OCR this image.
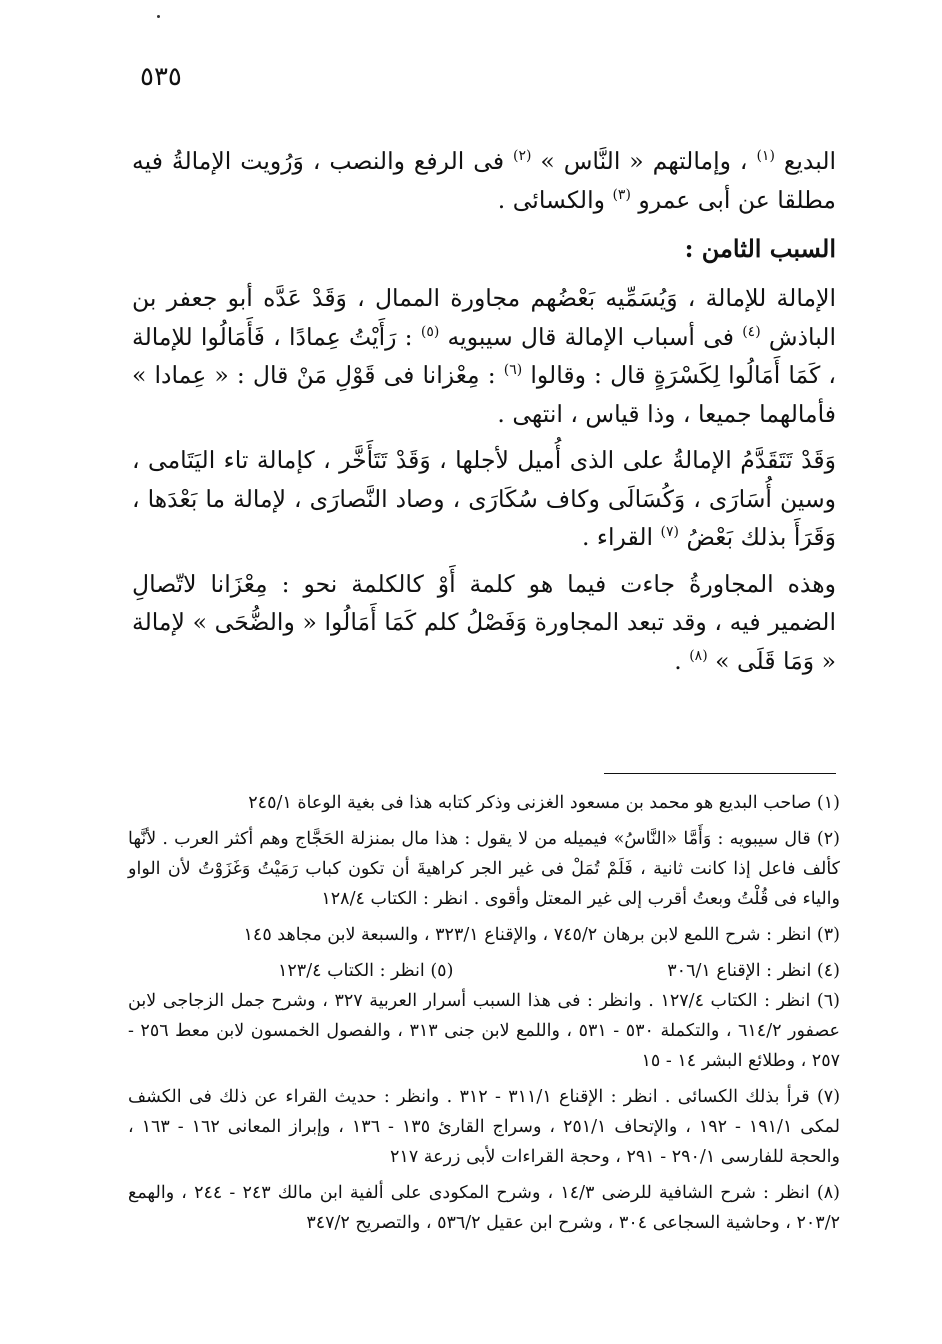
٥٣٥

البديع $^{(١)}$ ، وإمالتهم « النَّاس » $^{(٢)}$ فى الرفع والنصب ، وَرُويت الإمالةُ فيه مطلقا عن أبى عمرو $^{(٣)}$ والكسائى .

السبب الثامن :

الإمالة للإمالة ، وَيُسَمِّيه بَعْضُهم مجاورة الممال ، وَقَدْ عَدَّه أبو جعفر بن الباذش $^{(٤)}$ فى أسباب الإمالة قال سيبويه $^{(٥)}$ : رَأَيْتُ عِمادًا ، فَأَمَالُوا للإمالة ، كَمَا أَمَالُوا لِكَسْرَةٍ قال : وقالوا $^{(٦)}$ : مِعْزانا فى قَوْلِ مَنْ قال : « عِمادا » فأمالهما جميعا ، وذا قياس ، انتهى .

وَقَدْ تَتَقَدَّمُ الإمالةُ على الذى أُميل لأجلها ، وَقَدْ تَتَأَخَّر ، كإمالة تاء اليَتَامى ، وسين أُسَارَى ، وَكُسَالَى وكاف سُكَارَى ، وصاد النَّصارَى ، لإمالة ما بَعْدَها ، وَقَرَأَ بذلك بَعْضُ $^{(٧)}$ القراء .

وهذه المجاورةُ جاءت فيما هو كلمة أَوْ كالكلمة نحو : مِعْزَانا لاتّصالِ الضمير فيه ، وقد تبعد المجاورة وَفَصْلُ كلم كَمَا أَمَالُوا « والضُّحَى » لإمالة « وَمَا قَلَى » $^{(٨)}$ .

(١) صاحب البديع هو محمد بن مسعود الغزنى وذكر كتابه هذا فى بغية الوعاة ٢٤٥/١

(٢) قال سيبويه : وَأَمَّا «النَّاسُ» فيميله من لا يقول : هذا مال بمنزلة الحَجَّاج وهم أكثر العرب . لأنَّها كألف فاعل إذا كانت ثانية ، فَلَمْ تُمَلْ فى غير الجر كراهيةَ أن تكون كباب رَمَيْتُ وَغَزَوْتُ لأن الواو والياء فى قُلْتُ وبعتُ أقرب إلى غير المعتل وأقوى . انظر : الكتاب ١٢٨/٤

(٣) انظر : شرح اللمع لابن برهان ٧٤٥/٢ ، والإقناع ٣٢٣/١ ، والسبعة لابن مجاهد ١٤٥

(٤) انظر : الإقناع ٣٠٦/١

(٥) انظر : الكتاب ١٢٣/٤

(٦) انظر : الكتاب ١٢٧/٤ . وانظر : فى هذا السبب أسرار العربية ٣٢٧ ، وشرح جمل الزجاجى لابن عصفور ٦١٤/٢ ، والتكملة ٥٣٠ - ٥٣١ ، واللمع لابن جنى ٣١٣ ، والفصول الخمسون لابن معط ٢٥٦ - ٢٥٧ ، وطلائع البشر ١٤ - ١٥

(٧) قرأ بذلك الكسائى . انظر : الإقناع ٣١١/١ - ٣١٢ . وانظر : حديث القراء عن ذلك فى الكشف لمكى ١٩١/١ - ١٩٢ ، والإتحاف ٢٥١/١ ، وسراج القارئ ١٣٥ - ١٣٦ ، وإبراز المعانى ١٦٢ - ١٦٣ ، والحجة للفارسى ٢٩٠/١ - ٢٩١ ، وحجة القراءات لأبى زرعة ٢١٧

(٨) انظر : شرح الشافية للرضى ١٤/٣ ، وشرح المكودى على ألفية ابن مالك ٢٤٣ - ٢٤٤ ، والهمع ٢٠٣/٢ ، وحاشية السجاعى ٣٠٤ ، وشرح ابن عقيل ٥٣٦/٢ ، والتصريح ٣٤٧/٢
